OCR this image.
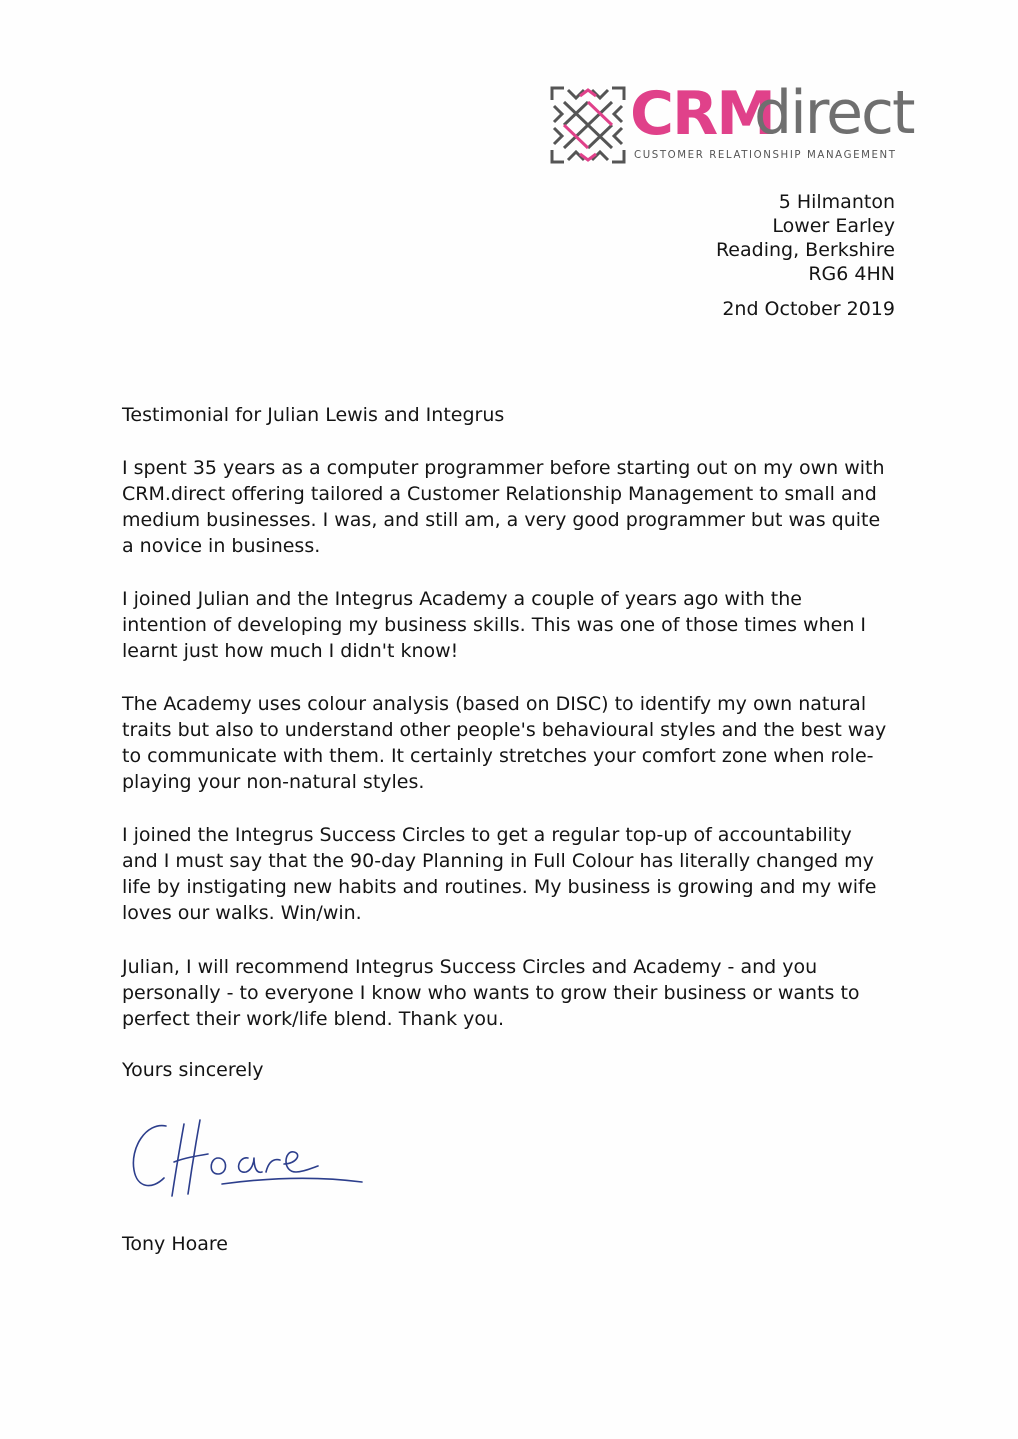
CRM
direct
CUSTOMER RELATIONSHIP MANAGEMENT
5 Hilmanton
Lower Earley
Reading, Berkshire
RG6 4HN
2nd October 2019
Testimonial for Julian Lewis and Integrus
I spent 35 years as a computer programmer before starting out on my own with
CRM.direct offering tailored a Customer Relationship Management to small and
medium businesses. I was, and still am, a very good programmer but was quite
a novice in business.
I joined Julian and the Integrus Academy a couple of years ago with the
intention of developing my business skills. This was one of those times when I
learnt just how much I didn't know!
The Academy uses colour analysis (based on DISC) to identify my own natural
traits but also to understand other people's behavioural styles and the best way
to communicate with them. It certainly stretches your comfort zone when role-
playing your non-natural styles.
I joined the Integrus Success Circles to get a regular top-up of accountability
and I must say that the 90-day Planning in Full Colour has literally changed my
life by instigating new habits and routines. My business is growing and my wife
loves our walks. Win/win.
Julian, I will recommend Integrus Success Circles and Academy - and you
personally - to everyone I know who wants to grow their business or wants to
perfect their work/life blend. Thank you.
Yours sincerely
Tony Hoare
